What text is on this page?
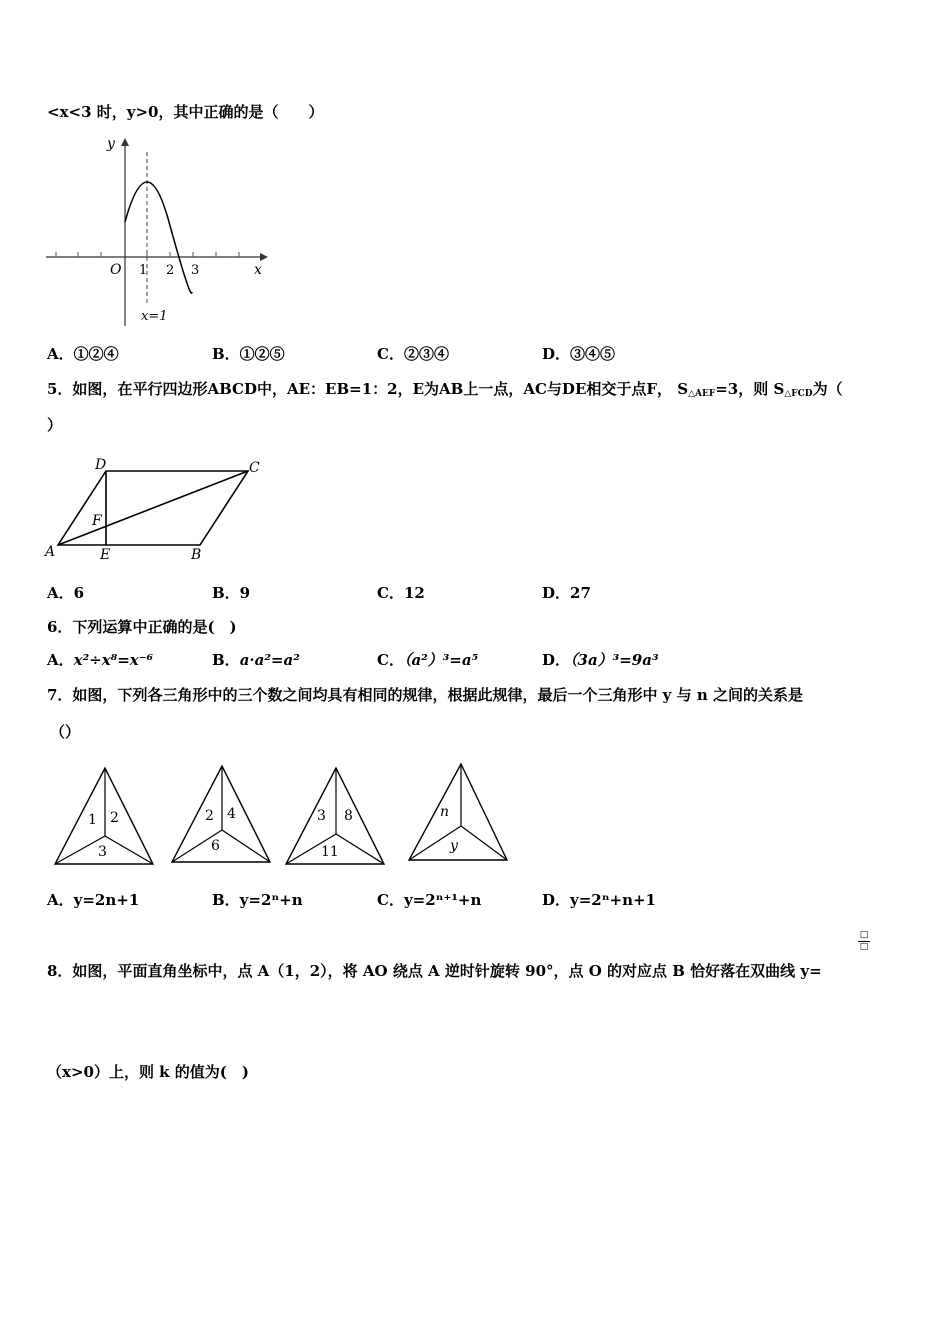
<x<3 时，y>0，其中正确的是（　　）
y
x
O 1 2 3
x=1
A．①②④	B．①②⑤	C．②③④	D．③④⑤
5．如图，在平行四边形ABCD中，AE：EB=1：2，E为AB上一点，AC与DE相交于点F， $S_{\triangle AEF}=3$，则 $S_{\triangle FCD}$为（
）
D	C
F
A	E	B
A．6	B．9	C．12	D．27
6．下列运算中正确的是(　)
A．x²÷x⁸=x⁻⁶	B．a·a²=a²	C．（a²）³=a⁵	D．（3a）³=9a³
7．如图，下列各三角形中的三个数之间均具有相同的规律，根据此规律，最后一个三角形中 y 与 n 之间的关系是
（）
1 2
3
2 4
6
3 8
11
n
y
A．y=2n+1	B．y=2ⁿ+n	C．y=2ⁿ⁺¹+n	D．y=2ⁿ+n+1
8．如图，平面直角坐标中，点 A（1，2），将 AO 绕点 A 逆时针旋转 90°，点 O 的对应点 B 恰好落在双曲线 y=
□
□
（x>0）上，则 k 的值为(　)
